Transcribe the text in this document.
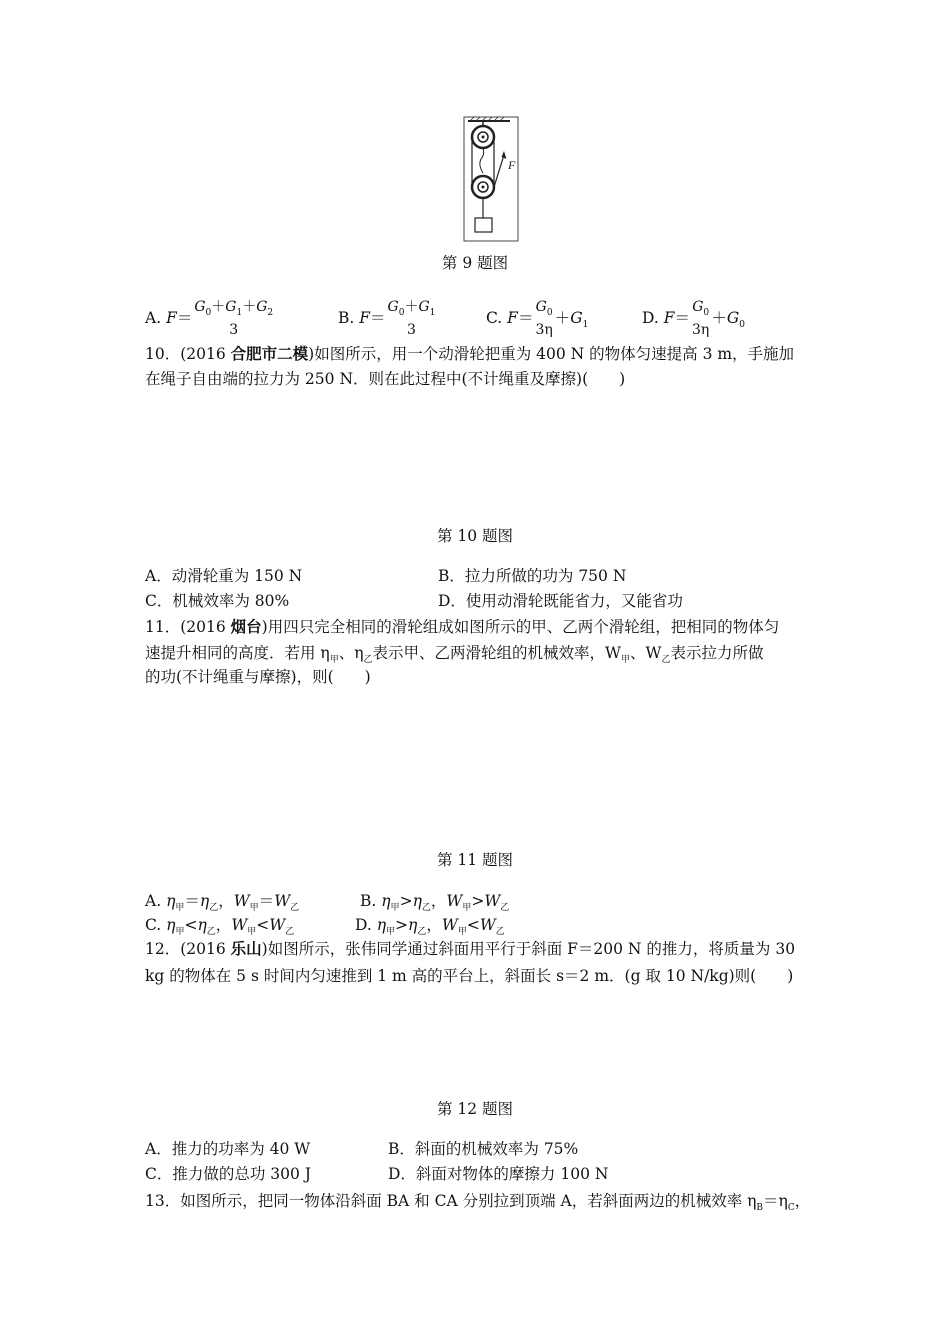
F
第 9 题图
A. F＝
$G_0+G_1+G_2$
3
B. F＝
$G_0+G_1$
3
C. F＝
$G_0$
3η
$+G_1$	D. F＝
$G_0$
3η
$+G_0$
10．(2016 合肥市二模)如图所示，用一个动滑轮把重为 400 N 的物体匀速提高 3 m，手施加
在绳子自由端的拉力为 250 N．则在此过程中(不计绳重及摩擦)(　　)
第 10 题图
A．动滑轮重为 150 N	B．拉力所做的功为 750 N
C．机械效率为 80%	D．使用动滑轮既能省力，又能省功
11．(2016 烟台)用四只完全相同的滑轮组成如图所示的甲、乙两个滑轮组，把相同的物体匀
速提升相同的高度．若用 $\eta_甲$、$\eta_乙$表示甲、乙两滑轮组的机械效率，$W_甲$、$W_乙$表示拉力所做
的功(不计绳重与摩擦)，则(　　)
第 11 题图
A. $\eta_甲=\eta_乙$，$W_甲=W_乙$	B. $\eta_甲>\eta_乙$，$W_甲>W_乙$
C. $\eta_甲<\eta_乙$，$W_甲<W_乙$	D. $\eta_甲>\eta_乙$，$W_甲<W_乙$
12．(2016 乐山)如图所示，张伟同学通过斜面用平行于斜面 F＝200 N 的推力，将质量为 30
kg 的物体在 5 s 时间内匀速推到 1 m 高的平台上，斜面长 s＝2 m．(g 取 10 N/kg)则(　　)
第 12 题图
A．推力的功率为 40 W	B．斜面的机械效率为 75%
C．推力做的总功 300 J	D．斜面对物体的摩擦力 100 N
13．如图所示，把同一物体沿斜面 BA 和 CA 分别拉到顶端 A，若斜面两边的机械效率 $\eta_B=\eta_C$，
